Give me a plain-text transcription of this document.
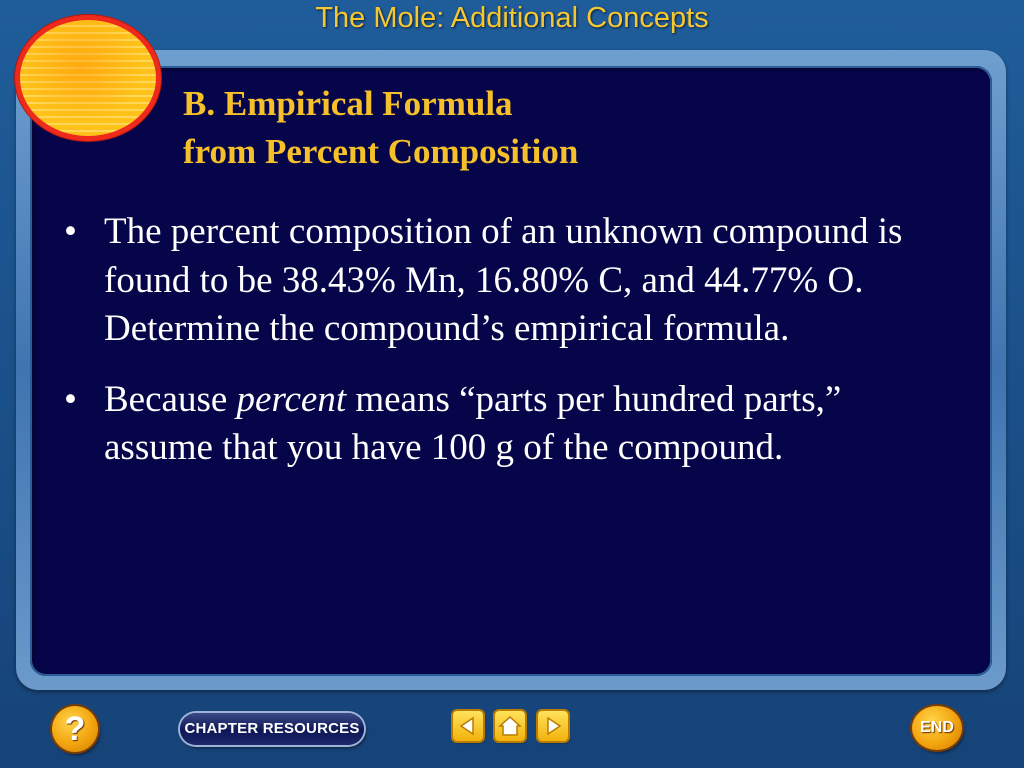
The Mole: Additional Concepts
B. Empirical Formula
from Percent Composition
• The percent composition of an unknown compound is found to be 38.43% Mn, 16.80% C, and 44.77% O. Determine the compound’s empirical formula.
• Because percent means “parts per hundred parts,” assume that you have 100 g of the compound.
?	CHAPTER RESOURCES	END
